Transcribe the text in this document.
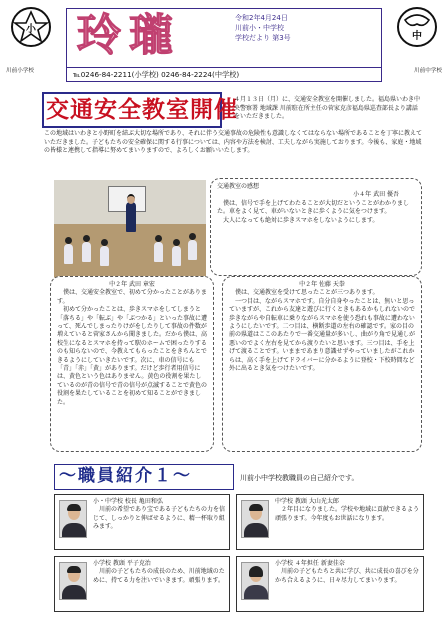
小
川前小学校
玲瓏	令和2年4月24日
川前小・中学校
学校だより 第3号
℡0246-84-2211(小学校) 0246-84-2224(中学校)
中
川前中学校
交通安全教室開催
４月１３日（月）に、交通安全教室を開催しました。福島県いわき中央警察署 地域課 川前駐在所主任の菅家克彦福島県巡査部長より講話をいただきました。
この地域はいわきと小野町を結ぶ大切な場所であり、それに伴う交通事故の危険性も意識しなくてはならない場所であることを丁寧に教えていただきました。子どもたちの安全確保に関する行事については、内容や方法を検討、工夫しながら実施しております。今後も、家庭・地域の皆様と連携して指導に努めてまいりますので、よろしくお願いいたします。
交通教室の感想
小４年 武田 優吾
僕は、信号で手を上げてわたることが大切だということがわかりました。車をよく見て、車がいないときに歩くように気をつけます。
大人になっても絶対に歩きスマホをしないようにします。
中２年 武田 章宏
僕は、交通安全教室で、初めて分かったことがあります。
初めて分かったことは、歩きスマホをしてしまうと「落ちる」や「転ぶ」や「ぶつかる」といった事故に遭って、死んでしまったりけがをしたりして事故の件数が増えていると菅家さんから聞きました。だから僕は、高校生になるとスマホを持って駅のホームで困ったりするのも知らないので、今教えてもらったことをきちんとできるようにしていきたいです。次に、車の信号にも「青」「赤」「黄」があります。だけど歩行者用信号には、黄色という色はありません。黄色の役割を果たしているのが青の信号で青の信号が点滅することで黄色の役割を果たしていることを初めて知ることができました。
中２年 佐藤 天拳
僕は、交通教室を受けて思ったことが三つあります。
一つ目は、ながらスマホです。自分自身やったことは、無いと思っていますが、これから友達と遊びに行くときもあるかもしれないので歩きながらや自転車に乗りながらスマホを使う恐れも事故に遭わないようにしたいです。二つ目は、横断歩道の左右の確認です。家の目の前の県道はここのあたりで一番交通量が多いし、曲がり角で見通しが悪いのでよく左右を見てから渡りたいと思います。三つ目は、手を上げて渡ることです。いままであまり意識せずやっていましたがこれからは、高く手を上げてドライバーに分かるように登校・下校時間など外に出るとき気をつけたいです。
〜職員紹介１〜	川前小中学校教職員の自己紹介です。
小・中学校 校長 亀田和弘
川前の希望であり宝である子どもたちの力を信じて、しっかりと伸ばせるように、精一杯取り組みます。
中学校 教頭 大山光太郎
２年目になりました。学校や地域に貢献できるよう頑張ります。今年度もお世話になります。
小学校 教頭 平子克治
川前の子どもたちの成長のため、川前地域のために、持てる力を注いでいきます。頑張ります。
小学校 ４年担任 新妻佳奈
川前の子どもたちと共に学び、共に成長の喜びを分かち合えるように、日々尽力してまいります。
